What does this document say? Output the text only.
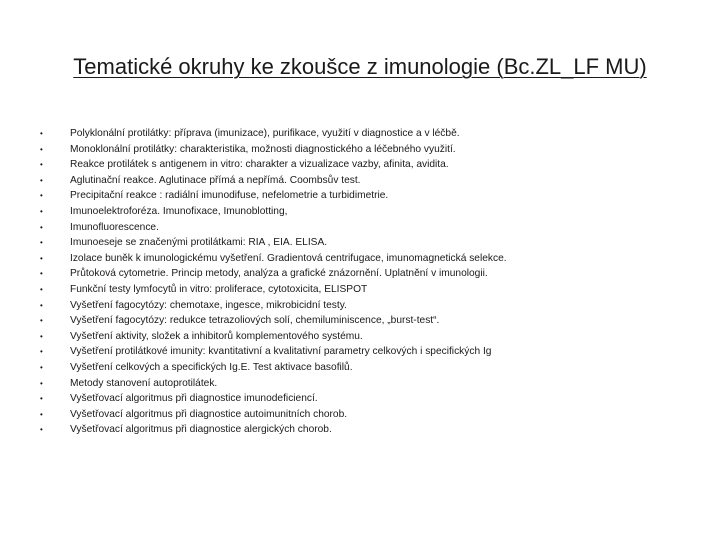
Tematické okruhy ke zkoušce z imunologie (Bc.ZL_LF MU)
•	Polyklonální protilátky: příprava (imunizace), purifikace, využití v diagnostice a v léčbě.
•	Monoklonální protilátky: charakteristika, možnosti diagnostického a léčebného využití.
•	Reakce protilátek s antigenem in vitro: charakter a vizualizace vazby, afinita, avidita.
•	Aglutinační reakce. Aglutinace přímá a nepřímá. Coombsův test.
•	Precipitační reakce : radiální imunodifuse, nefelometrie a turbidimetrie.
•	Imunoelektroforéza. Imunofixace, Imunoblotting,
•	Imunofluorescence.
•	Imunoeseje se značenými protilátkami: RIA , EIA. ELISA.
•	Izolace buněk k imunologickému vyšetření. Gradientová centrifugace, imunomagnetická selekce.
•	Průtoková cytometrie. Princip metody, analýza a grafické znázornění. Uplatnění v imunologii.
•	Funkční testy lymfocytů in vitro: proliferace, cytotoxicita, ELISPOT
•	Vyšetření fagocytózy: chemotaxe, ingesce, mikrobicidní testy.
•	Vyšetření fagocytózy: redukce tetrazoliových solí, chemiluminiscence, „burst-test“.
•	Vyšetření aktivity, složek a inhibitorů komplementového systému.
•	Vyšetření protilátkové imunity: kvantitativní a kvalitativní parametry celkových i specifických Ig
•	Vyšetření celkových a specifických Ig.E. Test aktivace basofilů.
•	Metody stanovení autoprotilátek.
•	Vyšetřovací algoritmus při diagnostice imunodeficiencí.
•	Vyšetřovací algoritmus při diagnostice autoimunitních chorob.
•	Vyšetřovací algoritmus při diagnostice alergických chorob.
